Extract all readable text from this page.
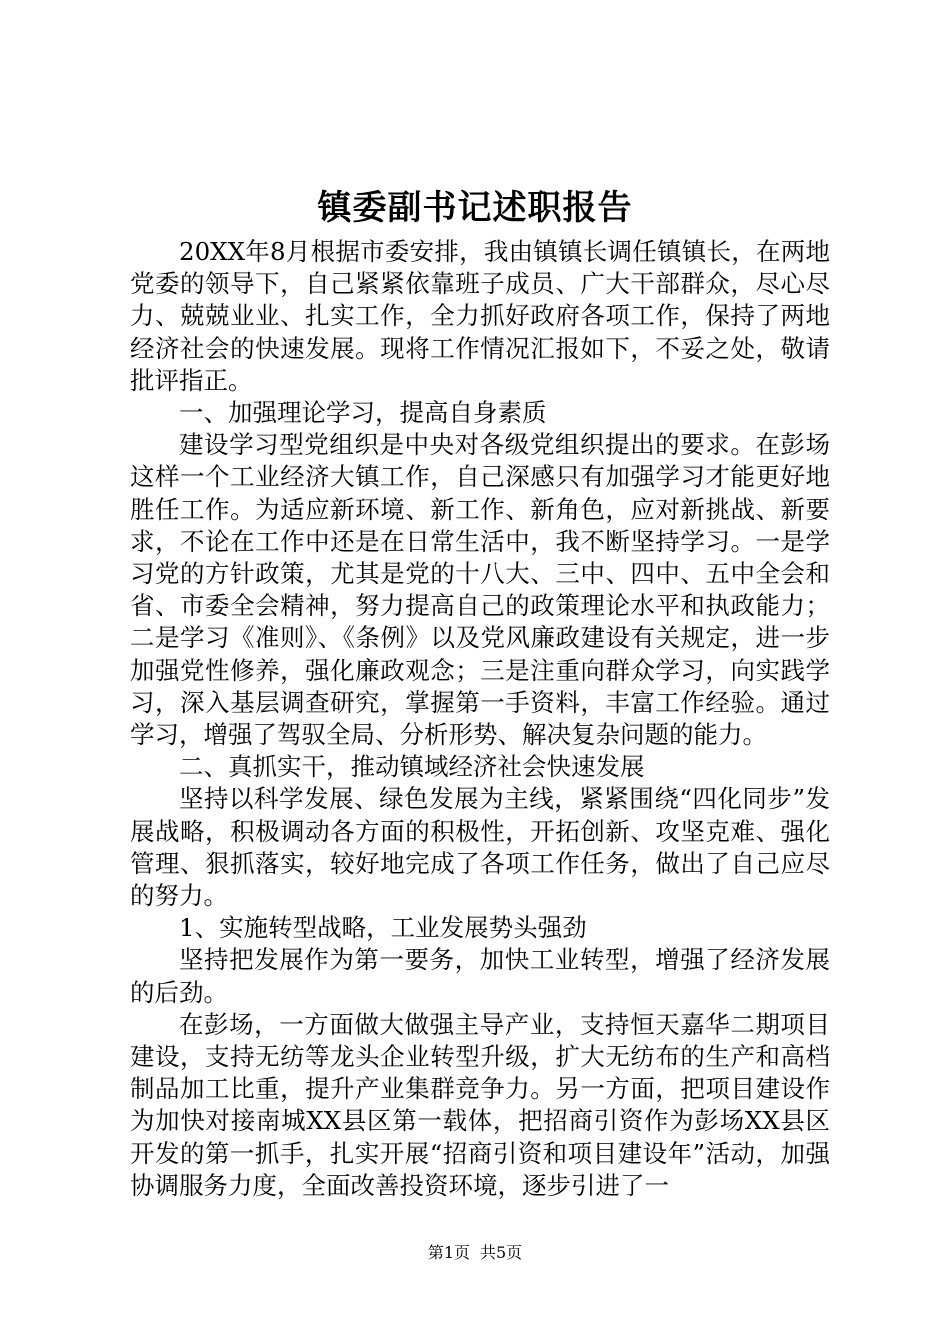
镇委副书记述职报告

20XX年8月根据市委安排，我由镇镇长调任镇镇长，在两地党委的领导下，自己紧紧依靠班子成员、广大干部群众，尽心尽力、兢兢业业、扎实工作，全力抓好政府各项工作，保持了两地经济社会的快速发展。现将工作情况汇报如下，不妥之处，敬请批评指正。

一、加强理论学习，提高自身素质

建设学习型党组织是中央对各级党组织提出的要求。在彭场这样一个工业经济大镇工作，自己深感只有加强学习才能更好地胜任工作。为适应新环境、新工作、新角色，应对新挑战、新要求，不论在工作中还是在日常生活中，我不断坚持学习。一是学习党的方针政策，尤其是党的十八大、三中、四中、五中全会和省、市委全会精神，努力提高自己的政策理论水平和执政能力；二是学习《准则》、《条例》以及党风廉政建设有关规定，进一步加强党性修养，强化廉政观念；三是注重向群众学习，向实践学习，深入基层调查研究，掌握第一手资料，丰富工作经验。通过学习，增强了驾驭全局、分析形势、解决复杂问题的能力。

二、真抓实干，推动镇域经济社会快速发展

坚持以科学发展、绿色发展为主线，紧紧围绕“四化同步”发展战略，积极调动各方面的积极性，开拓创新、攻坚克难、强化管理、狠抓落实，较好地完成了各项工作任务，做出了自己应尽的努力。

1、实施转型战略，工业发展势头强劲

坚持把发展作为第一要务，加快工业转型，增强了经济发展的后劲。

在彭场，一方面做大做强主导产业，支持恒天嘉华二期项目建设，支持无纺等龙头企业转型升级，扩大无纺布的生产和高档制品加工比重，提升产业集群竞争力。另一方面，把项目建设作为加快对接南城XX县区第一载体，把招商引资作为彭场XX县区开发的第一抓手，扎实开展“招商引资和项目建设年”活动，加强协调服务力度，全面改善投资环境，逐步引进了一

第1页 共5页
